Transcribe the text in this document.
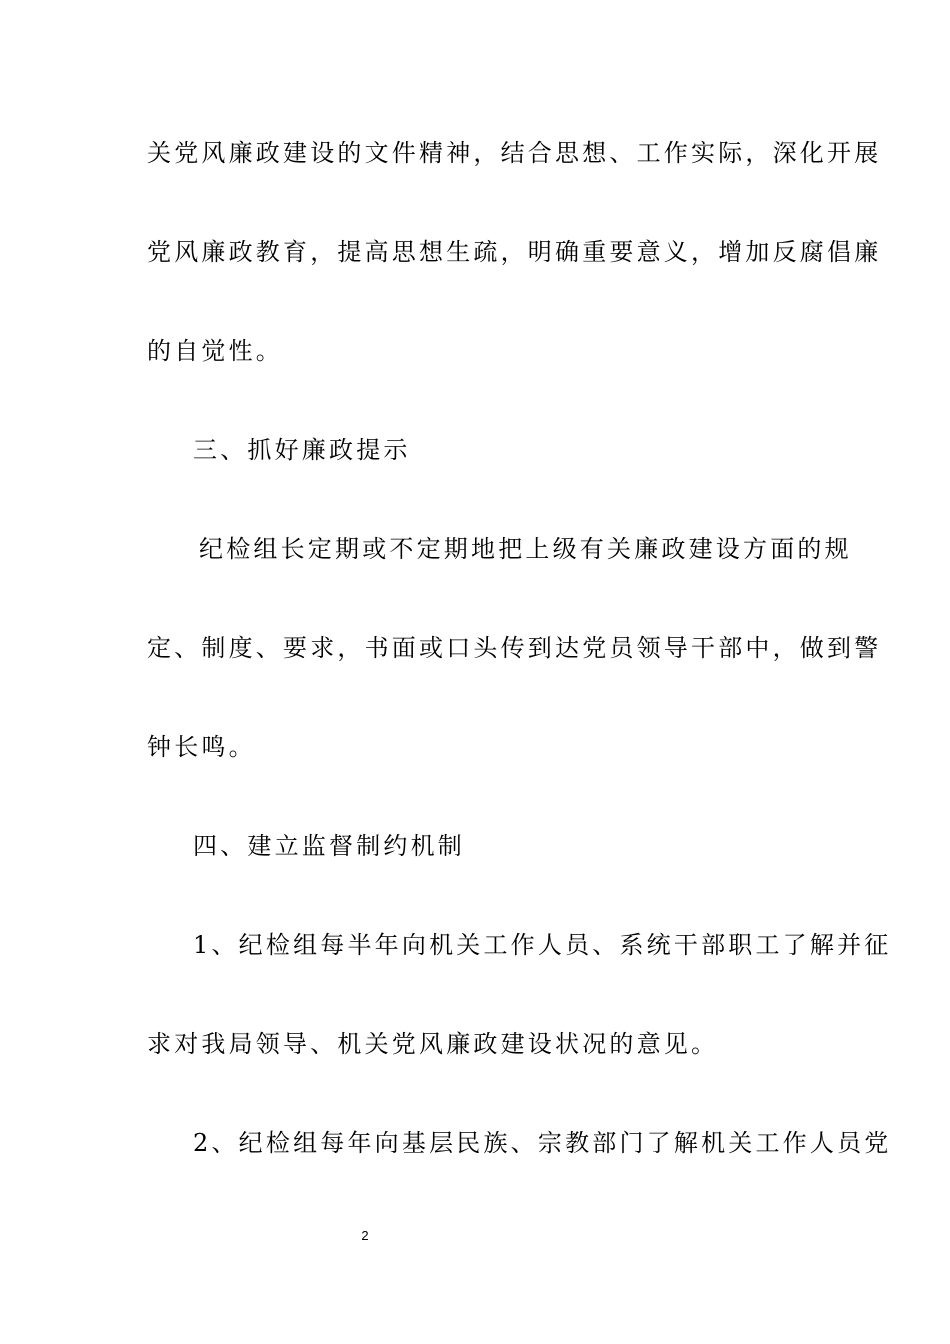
关党风廉政建设的文件精神，结合思想、工作实际，深化开展
党风廉政教育，提高思想生疏，明确重要意义，增加反腐倡廉
的自觉性。
三、抓好廉政提示
纪检组长定期或不定期地把上级有关廉政建设方面的规
定、制度、要求，书面或口头传到达党员领导干部中，做到警
钟长鸣。
四、建立监督制约机制
1、纪检组每半年向机关工作人员、系统干部职工了解并征
求对我局领导、机关党风廉政建设状况的意见。
2、纪检组每年向基层民族、宗教部门了解机关工作人员党
2
